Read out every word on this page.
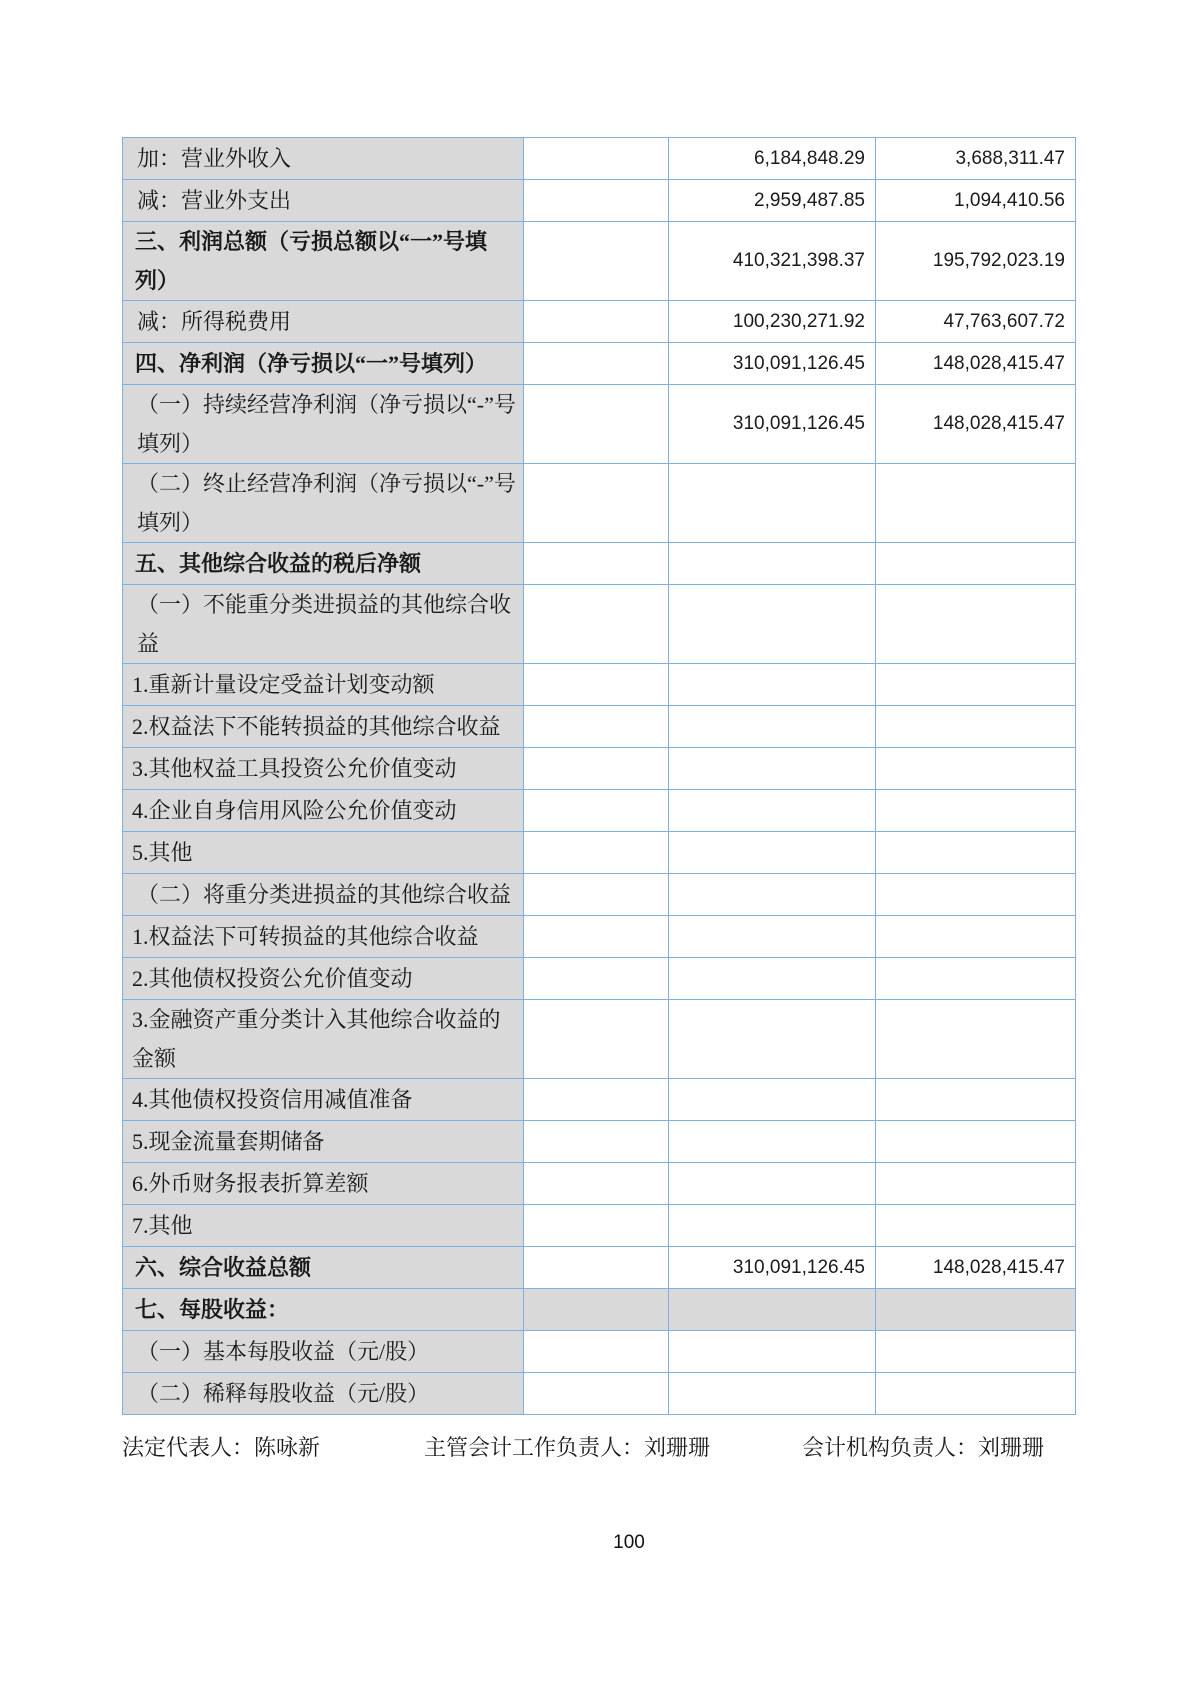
加：营业外收入		6,184,848.29	3,688,311.47
减：营业外支出		2,959,487.85	1,094,410.56
三、利润总额（亏损总额以“一”号填列）		410,321,398.37	195,792,023.19
减：所得税费用		100,230,271.92	47,763,607.72
四、净利润（净亏损以“一”号填列）		310,091,126.45	148,028,415.47
（一）持续经营净利润（净亏损以“-”号填列）		310,091,126.45	148,028,415.47
（二）终止经营净利润（净亏损以“-”号填列）			
五、其他综合收益的税后净额			
（一）不能重分类进损益的其他综合收益			
1.重新计量设定受益计划变动额			
2.权益法下不能转损益的其他综合收益			
3.其他权益工具投资公允价值变动			
4.企业自身信用风险公允价值变动			
5.其他			
（二）将重分类进损益的其他综合收益			
1.权益法下可转损益的其他综合收益			
2.其他债权投资公允价值变动			
3.金融资产重分类计入其他综合收益的金额			
4.其他债权投资信用减值准备			
5.现金流量套期储备			
6.外币财务报表折算差额			
7.其他			
六、综合收益总额		310,091,126.45	148,028,415.47
七、每股收益：			
（一）基本每股收益（元/股）			
（二）稀释每股收益（元/股）			
法定代表人：陈咏新	主管会计工作负责人：刘珊珊	会计机构负责人：刘珊珊
100
